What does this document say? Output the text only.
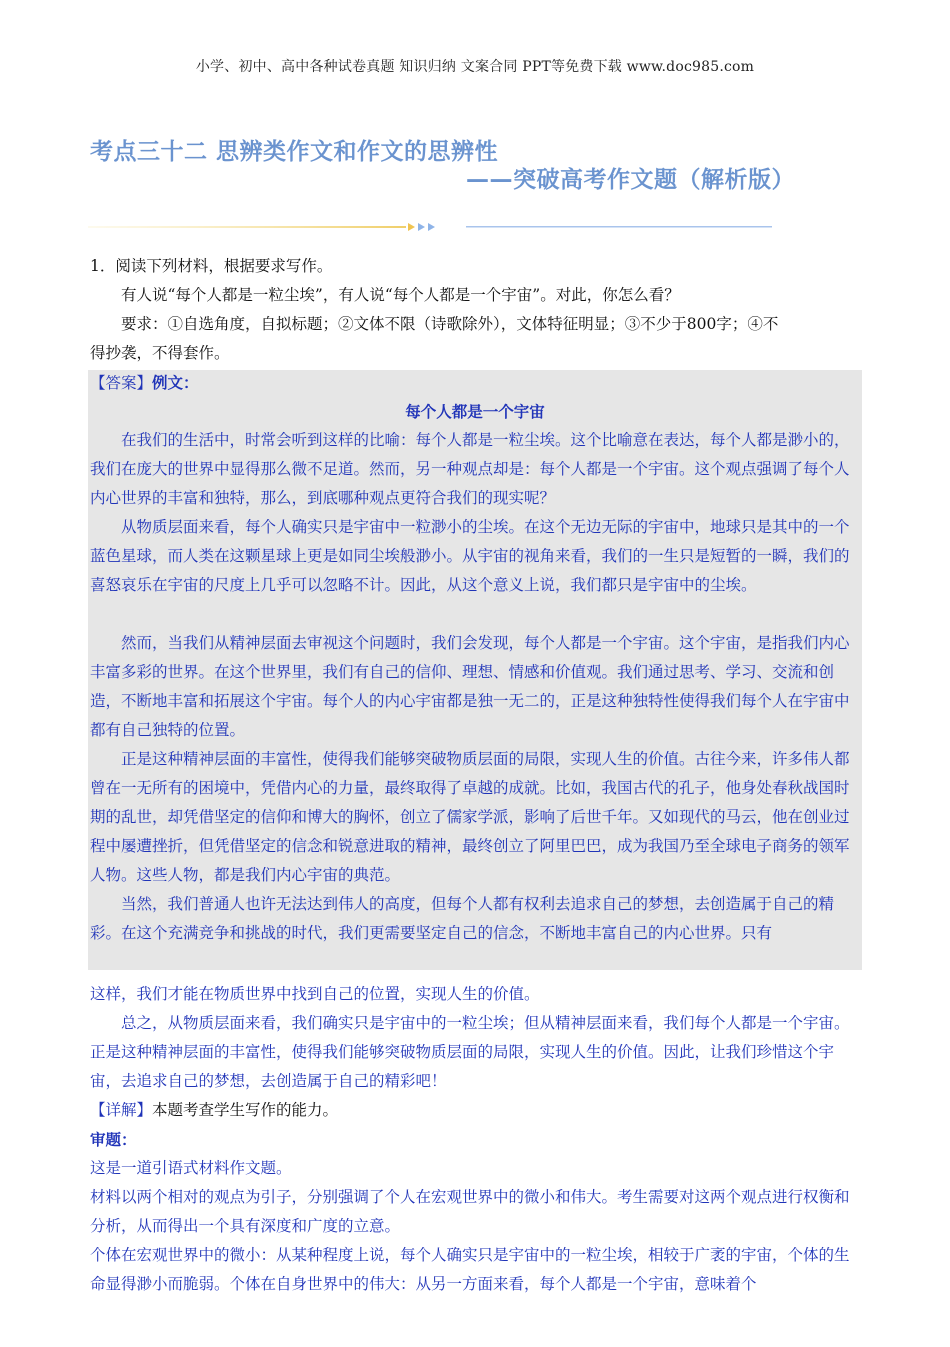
小学、初中、高中各种试卷真题 知识归纳 文案合同 PPT等免费下载 www.doc985.com
考点三十二 思辨类作文和作文的思辨性
——突破高考作文题（解析版）
1．阅读下列材料，根据要求写作。
有人说“每个人都是一粒尘埃”，有人说“每个人都是一个宇宙”。对此，你怎么看？
要求：①自选角度，自拟标题；②文体不限（诗歌除外），文体特征明显；③不少于800字；④不
得抄袭，不得套作。
【答案】例文：
每个人都是一个宇宙
在我们的生活中，时常会听到这样的比喻：每个人都是一粒尘埃。这个比喻意在表达，每个人都是渺小的，我们在庞大的世界中显得那么微不足道。然而，另一种观点却是：每个人都是一个宇宙。这个观点强调了每个人内心世界的丰富和独特，那么，到底哪种观点更符合我们的现实呢？
从物质层面来看，每个人确实只是宇宙中一粒渺小的尘埃。在这个无边无际的宇宙中，地球只是其中的一个蓝色星球，而人类在这颗星球上更是如同尘埃般渺小。从宇宙的视角来看，我们的一生只是短暂的一瞬，我们的喜怒哀乐在宇宙的尺度上几乎可以忽略不计。因此，从这个意义上说，我们都只是宇宙中的尘埃。
然而，当我们从精神层面去审视这个问题时，我们会发现，每个人都是一个宇宙。这个宇宙，是指我们内心丰富多彩的世界。在这个世界里，我们有自己的信仰、理想、情感和价值观。我们通过思考、学习、交流和创造，不断地丰富和拓展这个宇宙。每个人的内心宇宙都是独一无二的，正是这种独特性使得我们每个人在宇宙中都有自己独特的位置。
正是这种精神层面的丰富性，使得我们能够突破物质层面的局限，实现人生的价值。古往今来，许多伟人都曾在一无所有的困境中，凭借内心的力量，最终取得了卓越的成就。比如，我国古代的孔子，他身处春秋战国时期的乱世，却凭借坚定的信仰和博大的胸怀，创立了儒家学派，影响了后世千年。又如现代的马云，他在创业过程中屡遭挫折，但凭借坚定的信念和锐意进取的精神，最终创立了阿里巴巴，成为我国乃至全球电子商务的领军人物。这些人物，都是我们内心宇宙的典范。
当然，我们普通人也许无法达到伟人的高度，但每个人都有权利去追求自己的梦想，去创造属于自己的精彩。在这个充满竞争和挑战的时代，我们更需要坚定自己的信念，不断地丰富自己的内心世界。只有
这样，我们才能在物质世界中找到自己的位置，实现人生的价值。
总之，从物质层面来看，我们确实只是宇宙中的一粒尘埃；但从精神层面来看，我们每个人都是一个宇宙。正是这种精神层面的丰富性，使得我们能够突破物质层面的局限，实现人生的价值。因此，让我们珍惜这个宇宙，去追求自己的梦想，去创造属于自己的精彩吧！
【详解】本题考查学生写作的能力。
审题：
这是一道引语式材料作文题。
材料以两个相对的观点为引子，分别强调了个人在宏观世界中的微小和伟大。考生需要对这两个观点进行权衡和分析，从而得出一个具有深度和广度的立意。
个体在宏观世界中的微小：从某种程度上说，每个人确实只是宇宙中的一粒尘埃，相较于广袤的宇宙，个体的生命显得渺小而脆弱。个体在自身世界中的伟大：从另一方面来看，每个人都是一个宇宙，意味着个
